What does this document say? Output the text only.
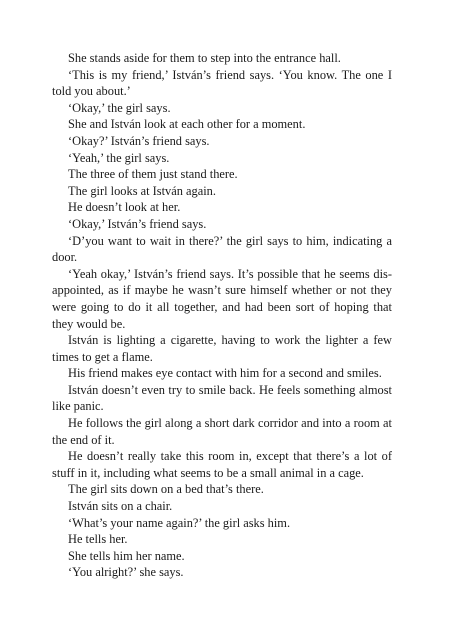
She stands aside for them to step into the entrance hall.

‘This is my friend,’ István’s friend says. ‘You know. The one I told you about.’

‘Okay,’ the girl says.

She and István look at each other for a moment.

‘Okay?’ István’s friend says.

‘Yeah,’ the girl says.

The three of them just stand there.

The girl looks at István again.

He doesn’t look at her.

‘Okay,’ István’s friend says.

‘D’you want to wait in there?’ the girl says to him, indicating a door.

‘Yeah okay,’ István’s friend says. It’s possible that he seems disappointed, as if maybe he wasn’t sure himself whether or not they were going to do it all together, and had been sort of hoping that they would be.

István is lighting a cigarette, having to work the lighter a few times to get a flame.

His friend makes eye contact with him for a second and smiles.

István doesn’t even try to smile back. He feels something almost like panic.

He follows the girl along a short dark corridor and into a room at the end of it.

He doesn’t really take this room in, except that there’s a lot of stuff in it, including what seems to be a small animal in a cage.

The girl sits down on a bed that’s there.

István sits on a chair.

‘What’s your name again?’ the girl asks him.

He tells her.

She tells him her name.

‘You alright?’ she says.
